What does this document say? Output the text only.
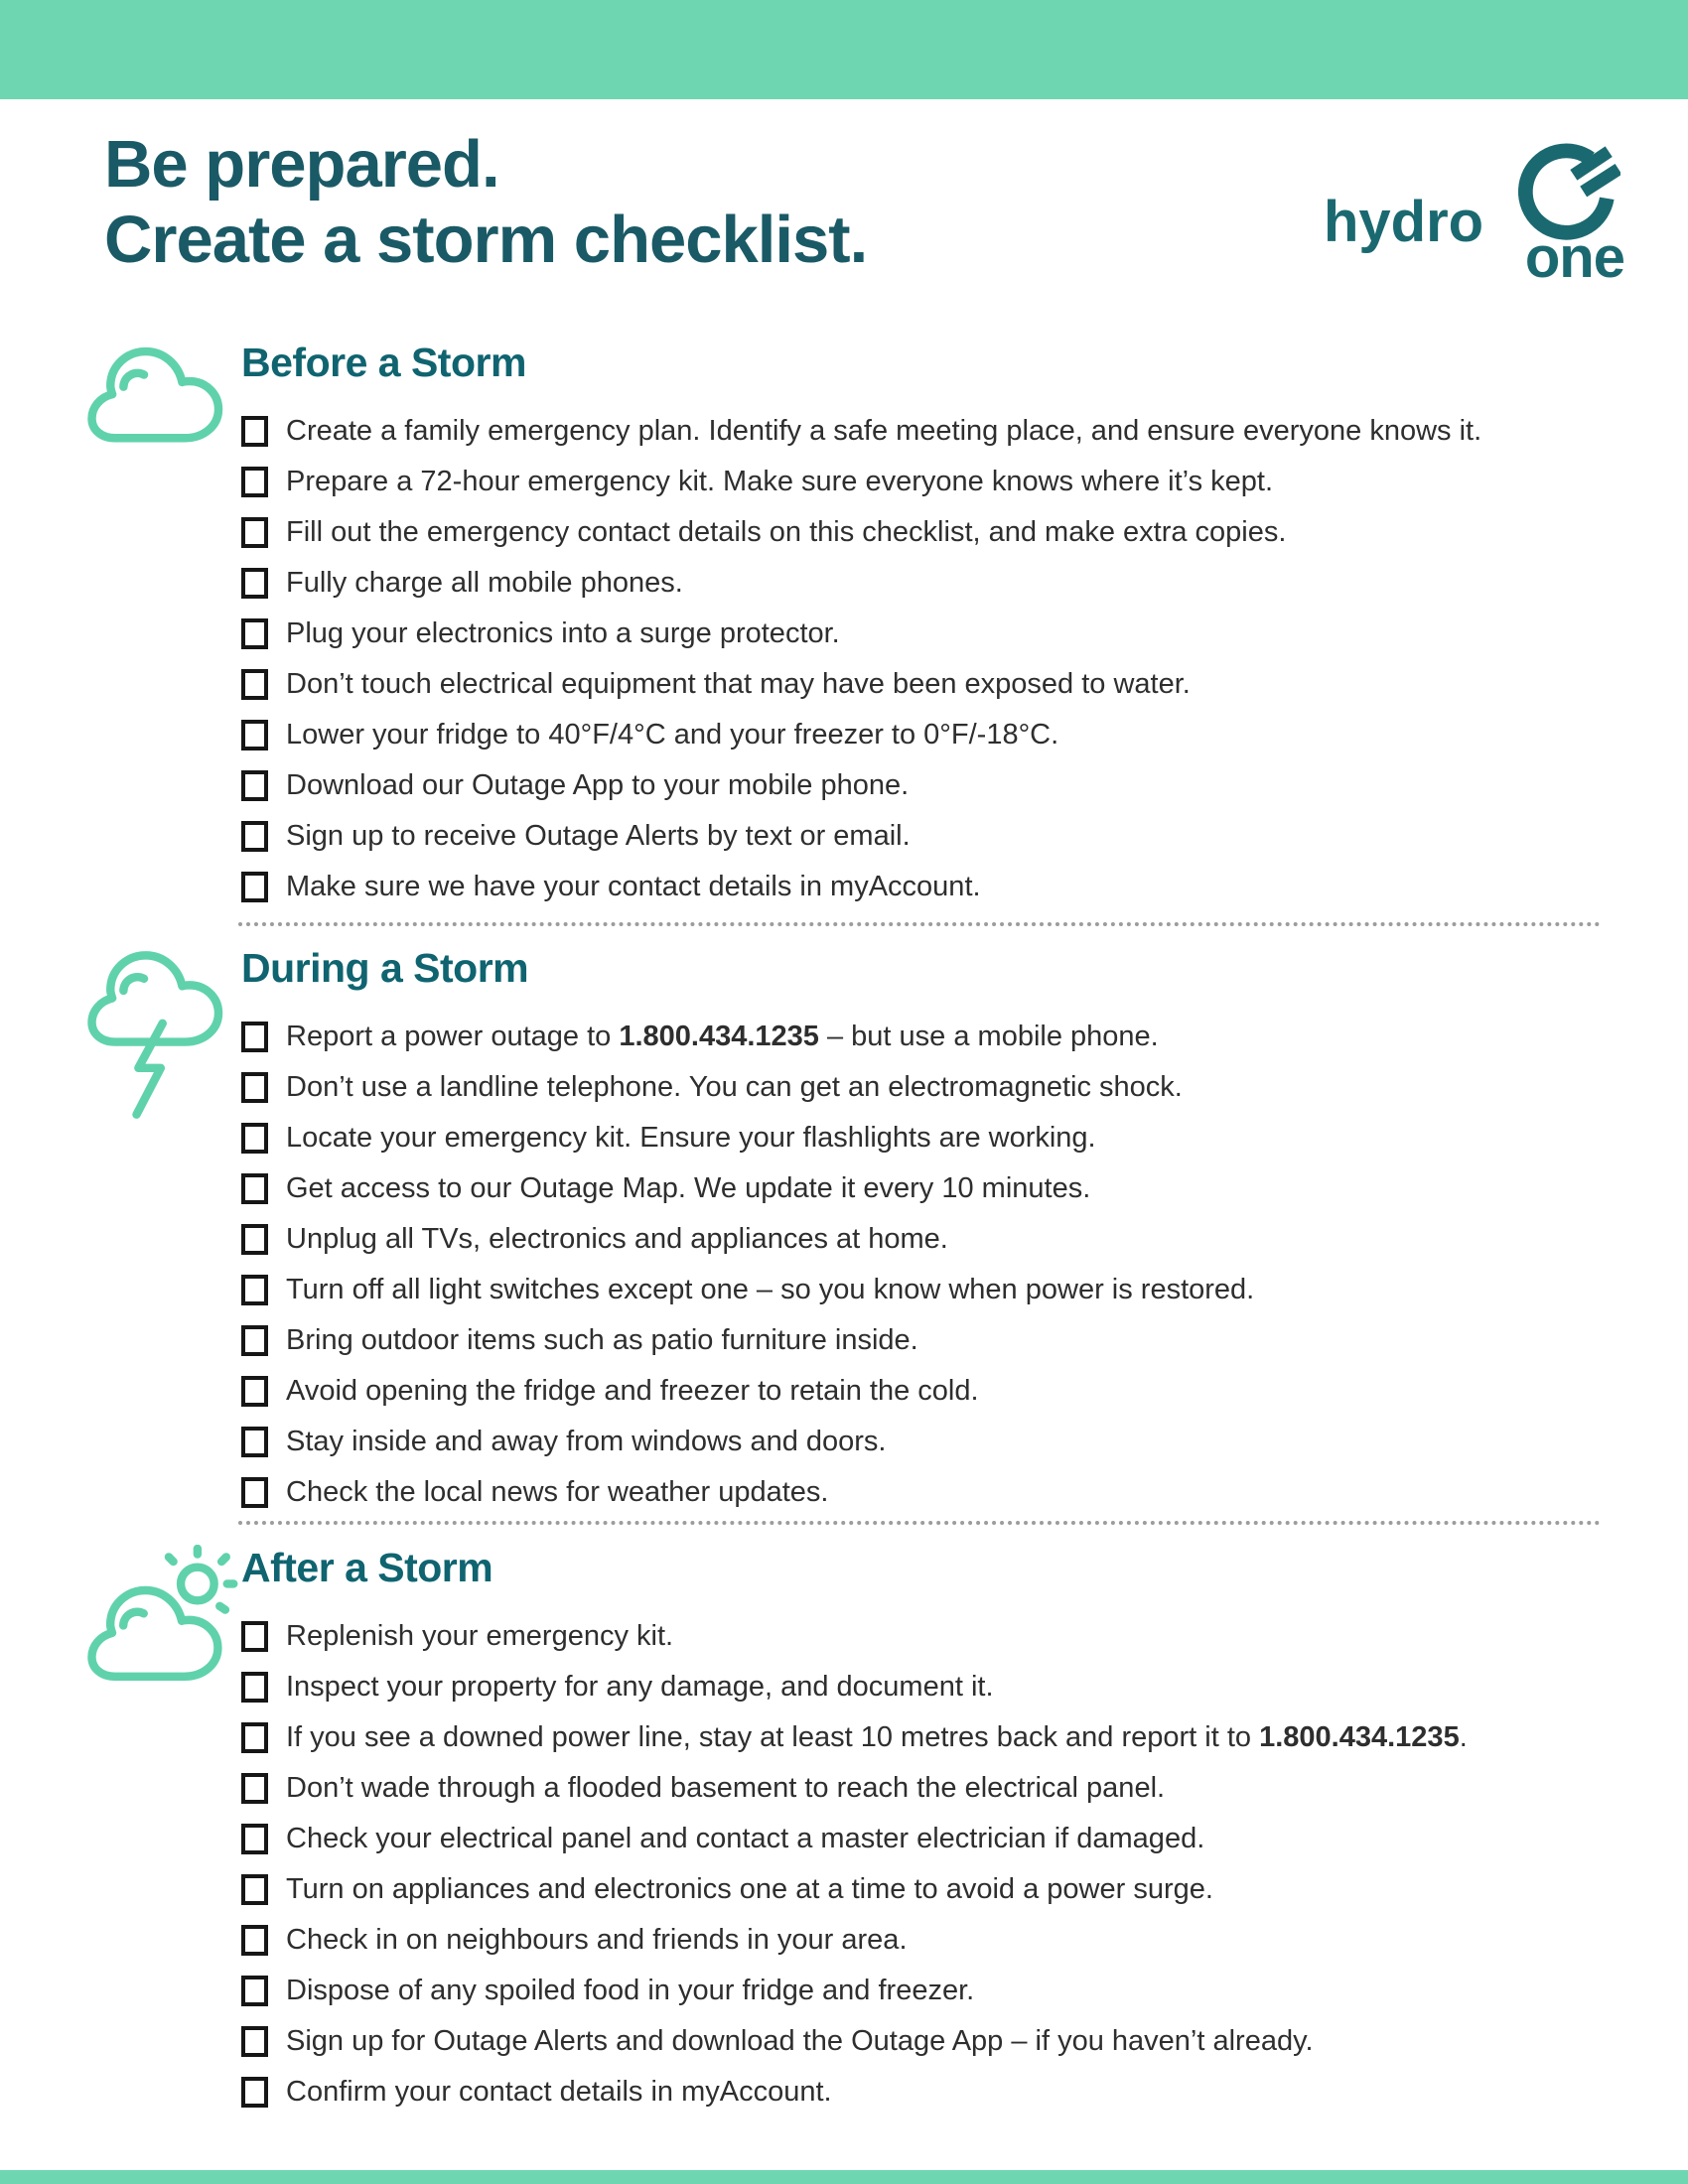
Be prepared.
Create a storm checklist.	hydro
one
Before a Storm
Create a family emergency plan. Identify a safe meeting place, and ensure everyone knows it.
Prepare a 72-hour emergency kit. Make sure everyone knows where it’s kept.
Fill out the emergency contact details on this checklist, and make extra copies.
Fully charge all mobile phones.
Plug your electronics into a surge protector.
Don’t touch electrical equipment that may have been exposed to water.
Lower your fridge to 40°F/4°C and your freezer to 0°F/-18°C.
Download our Outage App to your mobile phone.
Sign up to receive Outage Alerts by text or email.
Make sure we have your contact details in myAccount.
During a Storm
Report a power outage to 1.800.434.1235 – but use a mobile phone.
Don’t use a landline telephone. You can get an electromagnetic shock.
Locate your emergency kit. Ensure your flashlights are working.
Get access to our Outage Map. We update it every 10 minutes.
Unplug all TVs, electronics and appliances at home.
Turn off all light switches except one – so you know when power is restored.
Bring outdoor items such as patio furniture inside.
Avoid opening the fridge and freezer to retain the cold.
Stay inside and away from windows and doors.
Check the local news for weather updates.
After a Storm
Replenish your emergency kit.
Inspect your property for any damage, and document it.
If you see a downed power line, stay at least 10 metres back and report it to 1.800.434.1235.
Don’t wade through a flooded basement to reach the electrical panel.
Check your electrical panel and contact a master electrician if damaged.
Turn on appliances and electronics one at a time to avoid a power surge.
Check in on neighbours and friends in your area.
Dispose of any spoiled food in your fridge and freezer.
Sign up for Outage Alerts and download the Outage App – if you haven’t already.
Confirm your contact details in myAccount.
